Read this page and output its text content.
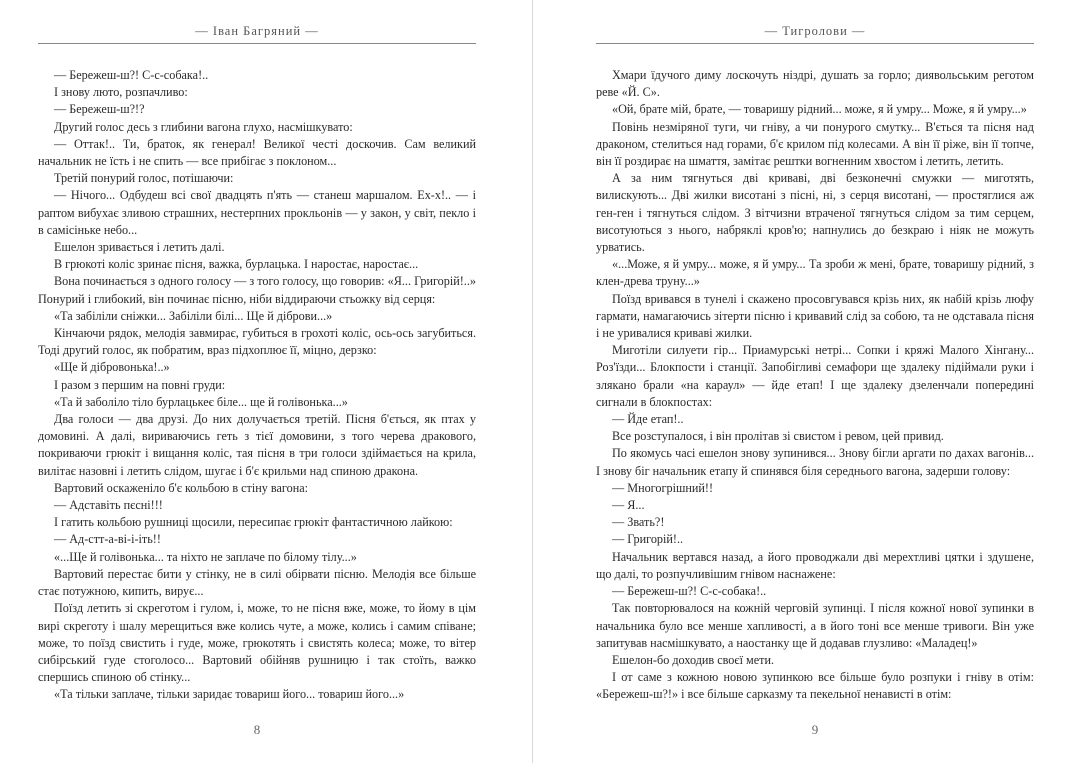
— Іван Багряний —

— Бережеш-ш?! С-с-собака!..

І знову люто, розпачливо:

— Бережеш-ш?!?

Другий голос десь з глибини вагона глухо, насмішкувато:

— Оттак!.. Ти, браток, як генерал! Великої честі доскочив. Сам великий начальник не їсть і не спить — все прибігає з поклоном...

Третій понурий голос, потішаючи:

— Нічого... Одбудеш всі свої двадцять п'ять — станеш маршалом. Ех-х!.. — і раптом вибухає зливою страшних, нестерпних прокльонів — у закон, у світ, пекло і в самісіньке небо...

Ешелон зривається і летить далі.

В грюкоті коліс зринає пісня, важка, бурлацька. І наростає, наростає...

Вона починається з одного голосу — з того голосу, що говорив: «Я... Григорій!..» Понурий і глибокий, він починає пісню, ніби віддираючи стьожку від серця:

«Та забіліли сніжки... Забіліли білі... Ще й діброви...»

Кінчаючи рядок, мелодія завмирає, губиться в грохоті коліс, ось-ось загубиться. Тоді другий голос, як побратим, враз підхоплює її, міцно, дерзко:

«Ще й дібровонька!..»

І разом з першим на повні груди:

«Та й заболіло тіло бурлацькеє біле... ще й голівонька...»

Два голоси — два друзі. До них долучається третій. Пісня б'ється, як птах у домовині. А далі, вириваючись геть з тієї домовини, з того черева дракового, покриваючи грюкіт і вищання коліс, тая пісня в три голоси здіймається на крила, вилітає назовні і летить слідом, шугає і б'є крильми над спиною дракона.

Вартовий оскаженіло б'є кольбою в стіну вагона:

— Адставіть пєсні!!!

І гатить кольбою рушниці щосили, пересипає грюкіт фантастичною лайкою:

— Ад-стт-а-ві-і-іть!!

«...Ще й голівонька... та ніхто не заплаче по білому тілу...»

Вартовий перестає бити у стінку, не в силі обірвати пісню. Мелодія все більше стає потужною, кипить, вирує...

Поїзд летить зі скреготом і гулом, і, може, то не пісня вже, може, то йому в цім вирі скреготу і шалу мерещиться вже колись чуте, а може, колись і самим співане; може, то поїзд свистить і гуде, може, грюкотять і свистять колеса; може, то вітер сибірський гуде стоголосо... Вартовий обійняв рушницю і так стоїть, важко спершись спиною об стінку...

«Та тільки заплаче, тільки заридає товариш його... товариш його...»

8
— Тигролови —

Хмари їдучого диму лоскочуть ніздрі, душать за горло; диявольським реготом реве «Й. С».

«Ой, брате мій, брате, — товаришу рідний... може, я й умру... Може, я й умру...»

Повінь незміряної туги, чи гніву, а чи понурого смутку... В'ється та пісня над драконом, стелиться над горами, б'є крилом під колесами. А він її ріже, він її топче, він її роздирає на шмаття, замітає рештки вогненним хвостом і летить, летить.

А за ним тягнуться дві криваві, дві безконечні смужки — миготять, вилискують... Дві жилки висотані з пісні, ні, з серця висотані, — простяглися аж ген-ген і тягнуться слідом. З вітчизни втраченої тягнуться слідом за тим серцем, висотуються з нього, набряклі кров'ю; напнулись до безкраю і ніяк не можуть урватись.

«...Може, я й умру... може, я й умру... Та зроби ж мені, брате, товаришу рідний, з клен-древа труну...»

Поїзд вривався в тунелі і скажено просовгувався крізь них, як набій крізь люфу гармати, намагаючись зітерти пісню і кривавий слід за собою, та не одставала пісня і не уривалися криваві жилки.

Миготіли силуети гір... Приамурські нетрі... Сопки і кряжі Малого Хінгану... Роз'їзди... Блокпости і станції. Запобігливі семафори ще здалеку підіймали руки і злякано брали «на караул» — йде етап! І ще здалеку дзеленчали попередині сигнали в блокпостах:

— Йде етап!..

Все розступалося, і він пролітав зі свистом і ревом, цей привид.

По якомусь часі ешелон знову зупинився... Знову бігли аргати по дахах вагонів... І знову біг начальник етапу й спинявся біля середнього вагона, задерши голову:

— Многогрішний!!

— Я...

— Звать?!

— Григорій!..

Начальник вертався назад, а його проводжали дві мерехтливі цятки і здушене, що далі, то розпучливішим гнівом наснажене:

— Бережеш-ш?! С-с-собака!..

Так повторювалося на кожній черговій зупинці. І після кожної нової зупинки в начальника було все менше хапливості, а в його тоні все менше тривоги. Він уже запитував насмішкувато, а наостанку ще й додавав глузливо: «Маладец!»

Ешелон-бо доходив своєї мети.

І от саме з кожною новою зупинкою все більше було розпуки і гніву в отім: «Бережеш-ш?!» і все більше сарказму та пекельної ненависті в отім:

9
